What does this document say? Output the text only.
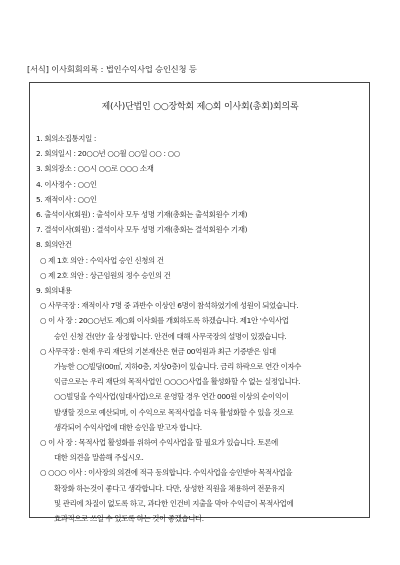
[서식] 이사회회의록 : 법인수익사업 승인신청 등
제(사)단법인 ○○장학회 제○회 이사회(총회)회의록
1. 회의소집통지일 :
2. 회의일시 : 20○○년 ○○월 ○○일 ○○ : ○○
3. 회의장소 : ○○시 ○○로 ○○○ 소재
4. 이사정수 : ○○인
5. 재적이사 : ○○인
6. 출석이사(회원) : 출석이사 모두 성명 기재(총회는 출석회원수 기재)
7. 결석이사(회원) : 결석이사 모두 성명 기재(총회는 결석회원수 기재)
8. 회의안건
○ 제 1호 의안 : 수익사업 승인 신청의 건
○ 제 2호 의안 : 상근임원의 정수 승인의 건
9. 회의내용
○ 사무국장 : 재적이사 7명 중 과반수 이상인 6명이 참석하였기에 성원이 되었습니다.
○ 이 사 장 : 20○○년도 제○회 이사회를 개회하도록 하겠습니다. 제1안 '수익사업
승인 신청 건(안)' 을 상정합니다. 안건에 대해 사무국장의 설명이 있겠습니다.
○ 사무국장 : 현재 우리 재단의 기본재산은 현금 00억원과 최근 기증받은 임대
가능한 ○○빌딩(00㎡, 지하0층, 지상0층)이 있습니다. 금리 하락으로 연간 이자수
익금으로는 우리 재단의 목적사업인 ○○○○사업을 활성화할 수 없는 실정입니다.
○○빌딩을 수익사업(임대사업)으로 운영할 경우 연간 000원 이상의 순이익이
발생할 것으로 예산되며, 이 수익으로 목적사업을 더욱 활성화할 수 있을 것으로
생각되어 수익사업에 대한 승인을 받고자 합니다.
○ 이 사 장 : 목적사업 활성화를 위하여 수익사업을 할 필요가 있습니다. 토론에
대한 의견을 말씀해 주십시오.
○ ○○○ 이사 : 이사장의 의견에 적극 동의합니다. 수익사업을 승인받아 목적사업을
확장화 하는것이 좋다고 생각합니다. 다만, 상성한 직원을 채용하여 전문유지
및 관리에 차질이 없도록 하고, 과다한 인건비 지출을 막아 수익금이 목적사업에
효과적으로 쓰일 수 있도록 하는 것이 좋겠습니다.
